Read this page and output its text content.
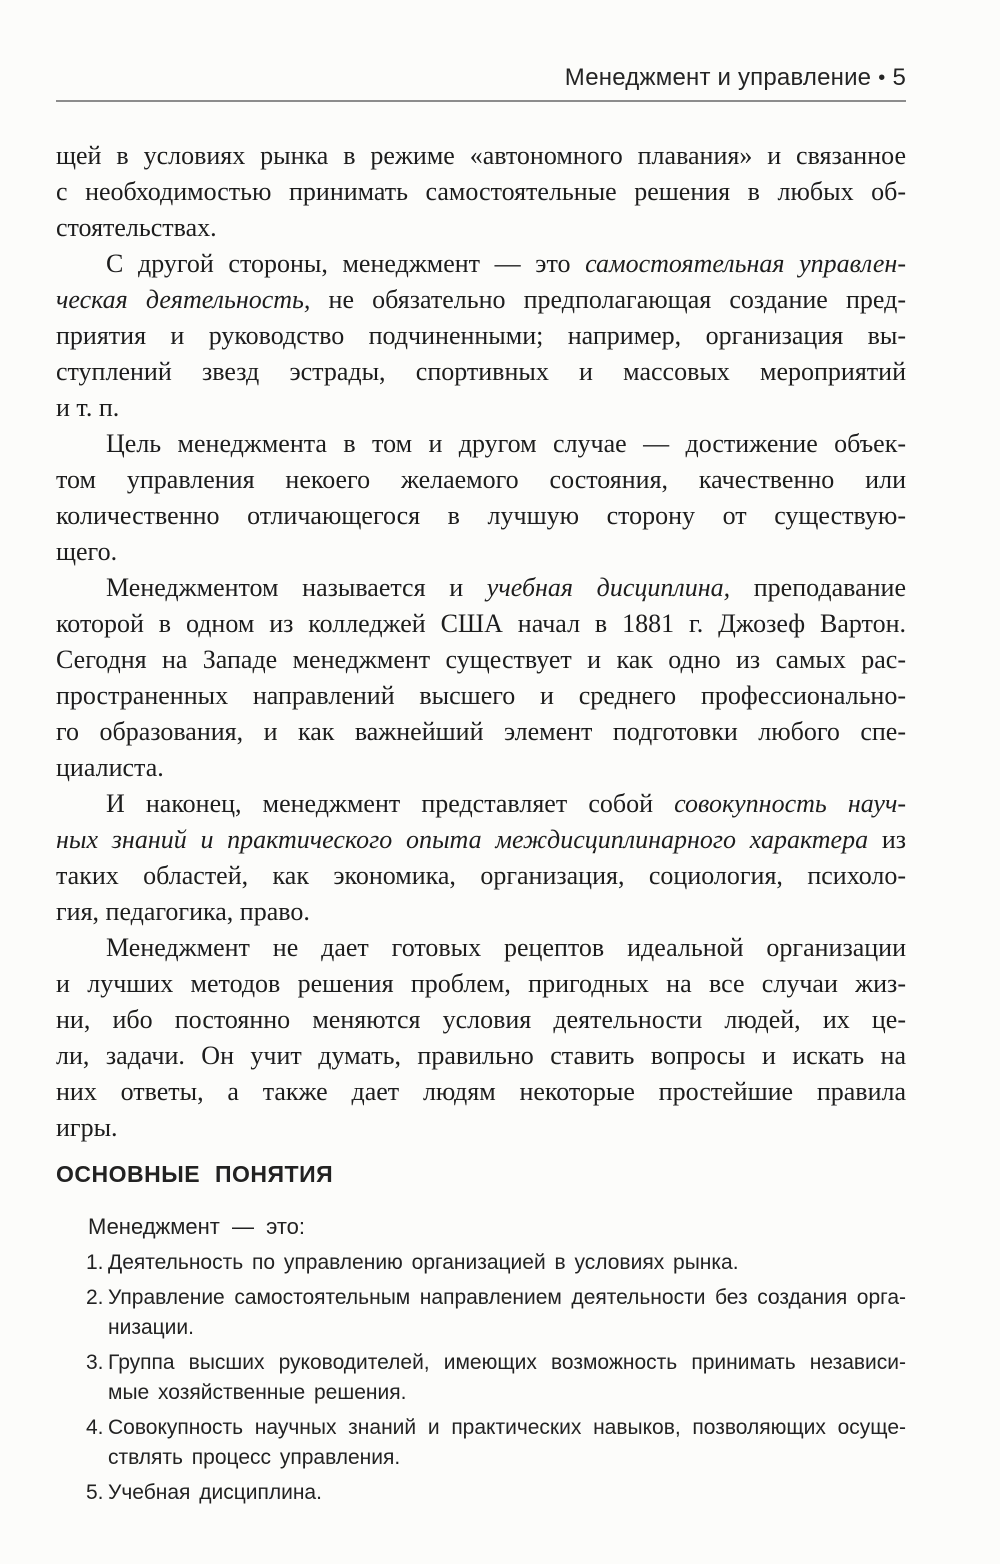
Менеджмент и управление • 5
щей в условиях рынка в режиме «автономного плавания» и связанное
с необходимостью принимать самостоятельные решения в любых об-
стоятельствах.
С другой стороны, менеджмент — это самостоятельная управлен-
ческая деятельность, не обязательно предполагающая создание пред-
приятия и руководство подчиненными; например, организация вы-
ступлений звезд эстрады, спортивных и массовых мероприятий
и т. п.
Цель менеджмента в том и другом случае — достижение объек-
том управления некоего желаемого состояния, качественно или
количественно отличающегося в лучшую сторону от существую-
щего.
Менеджментом называется и учебная дисциплина, преподавание
которой в одном из колледжей США начал в 1881 г. Джозеф Вартон.
Сегодня на Западе менеджмент существует и как одно из самых рас-
пространенных направлений высшего и среднего профессионально-
го образования, и как важнейший элемент подготовки любого спе-
циалиста.
И наконец, менеджмент представляет собой совокупность науч-
ных знаний и практического опыта междисциплинарного характера из
таких областей, как экономика, организация, социология, психоло-
гия, педагогика, право.
Менеджмент не дает готовых рецептов идеальной организации
и лучших методов решения проблем, пригодных на все случаи жиз-
ни, ибо постоянно меняются условия деятельности людей, их це-
ли, задачи. Он учит думать, правильно ставить вопросы и искать на
них ответы, а также дает людям некоторые простейшие правила
игры.
ОСНОВНЫЕ ПОНЯТИЯ

Менеджмент — это:

1. Деятельность по управлению организацией в условиях рынка.
2. Управление самостоятельным направлением деятельности без создания орга-
низации.
3. Группа высших руководителей, имеющих возможность принимать независи-
мые хозяйственные решения.
4. Совокупность научных знаний и практических навыков, позволяющих осуще-
ствлять процесс управления.
5. Учебная дисциплина.
